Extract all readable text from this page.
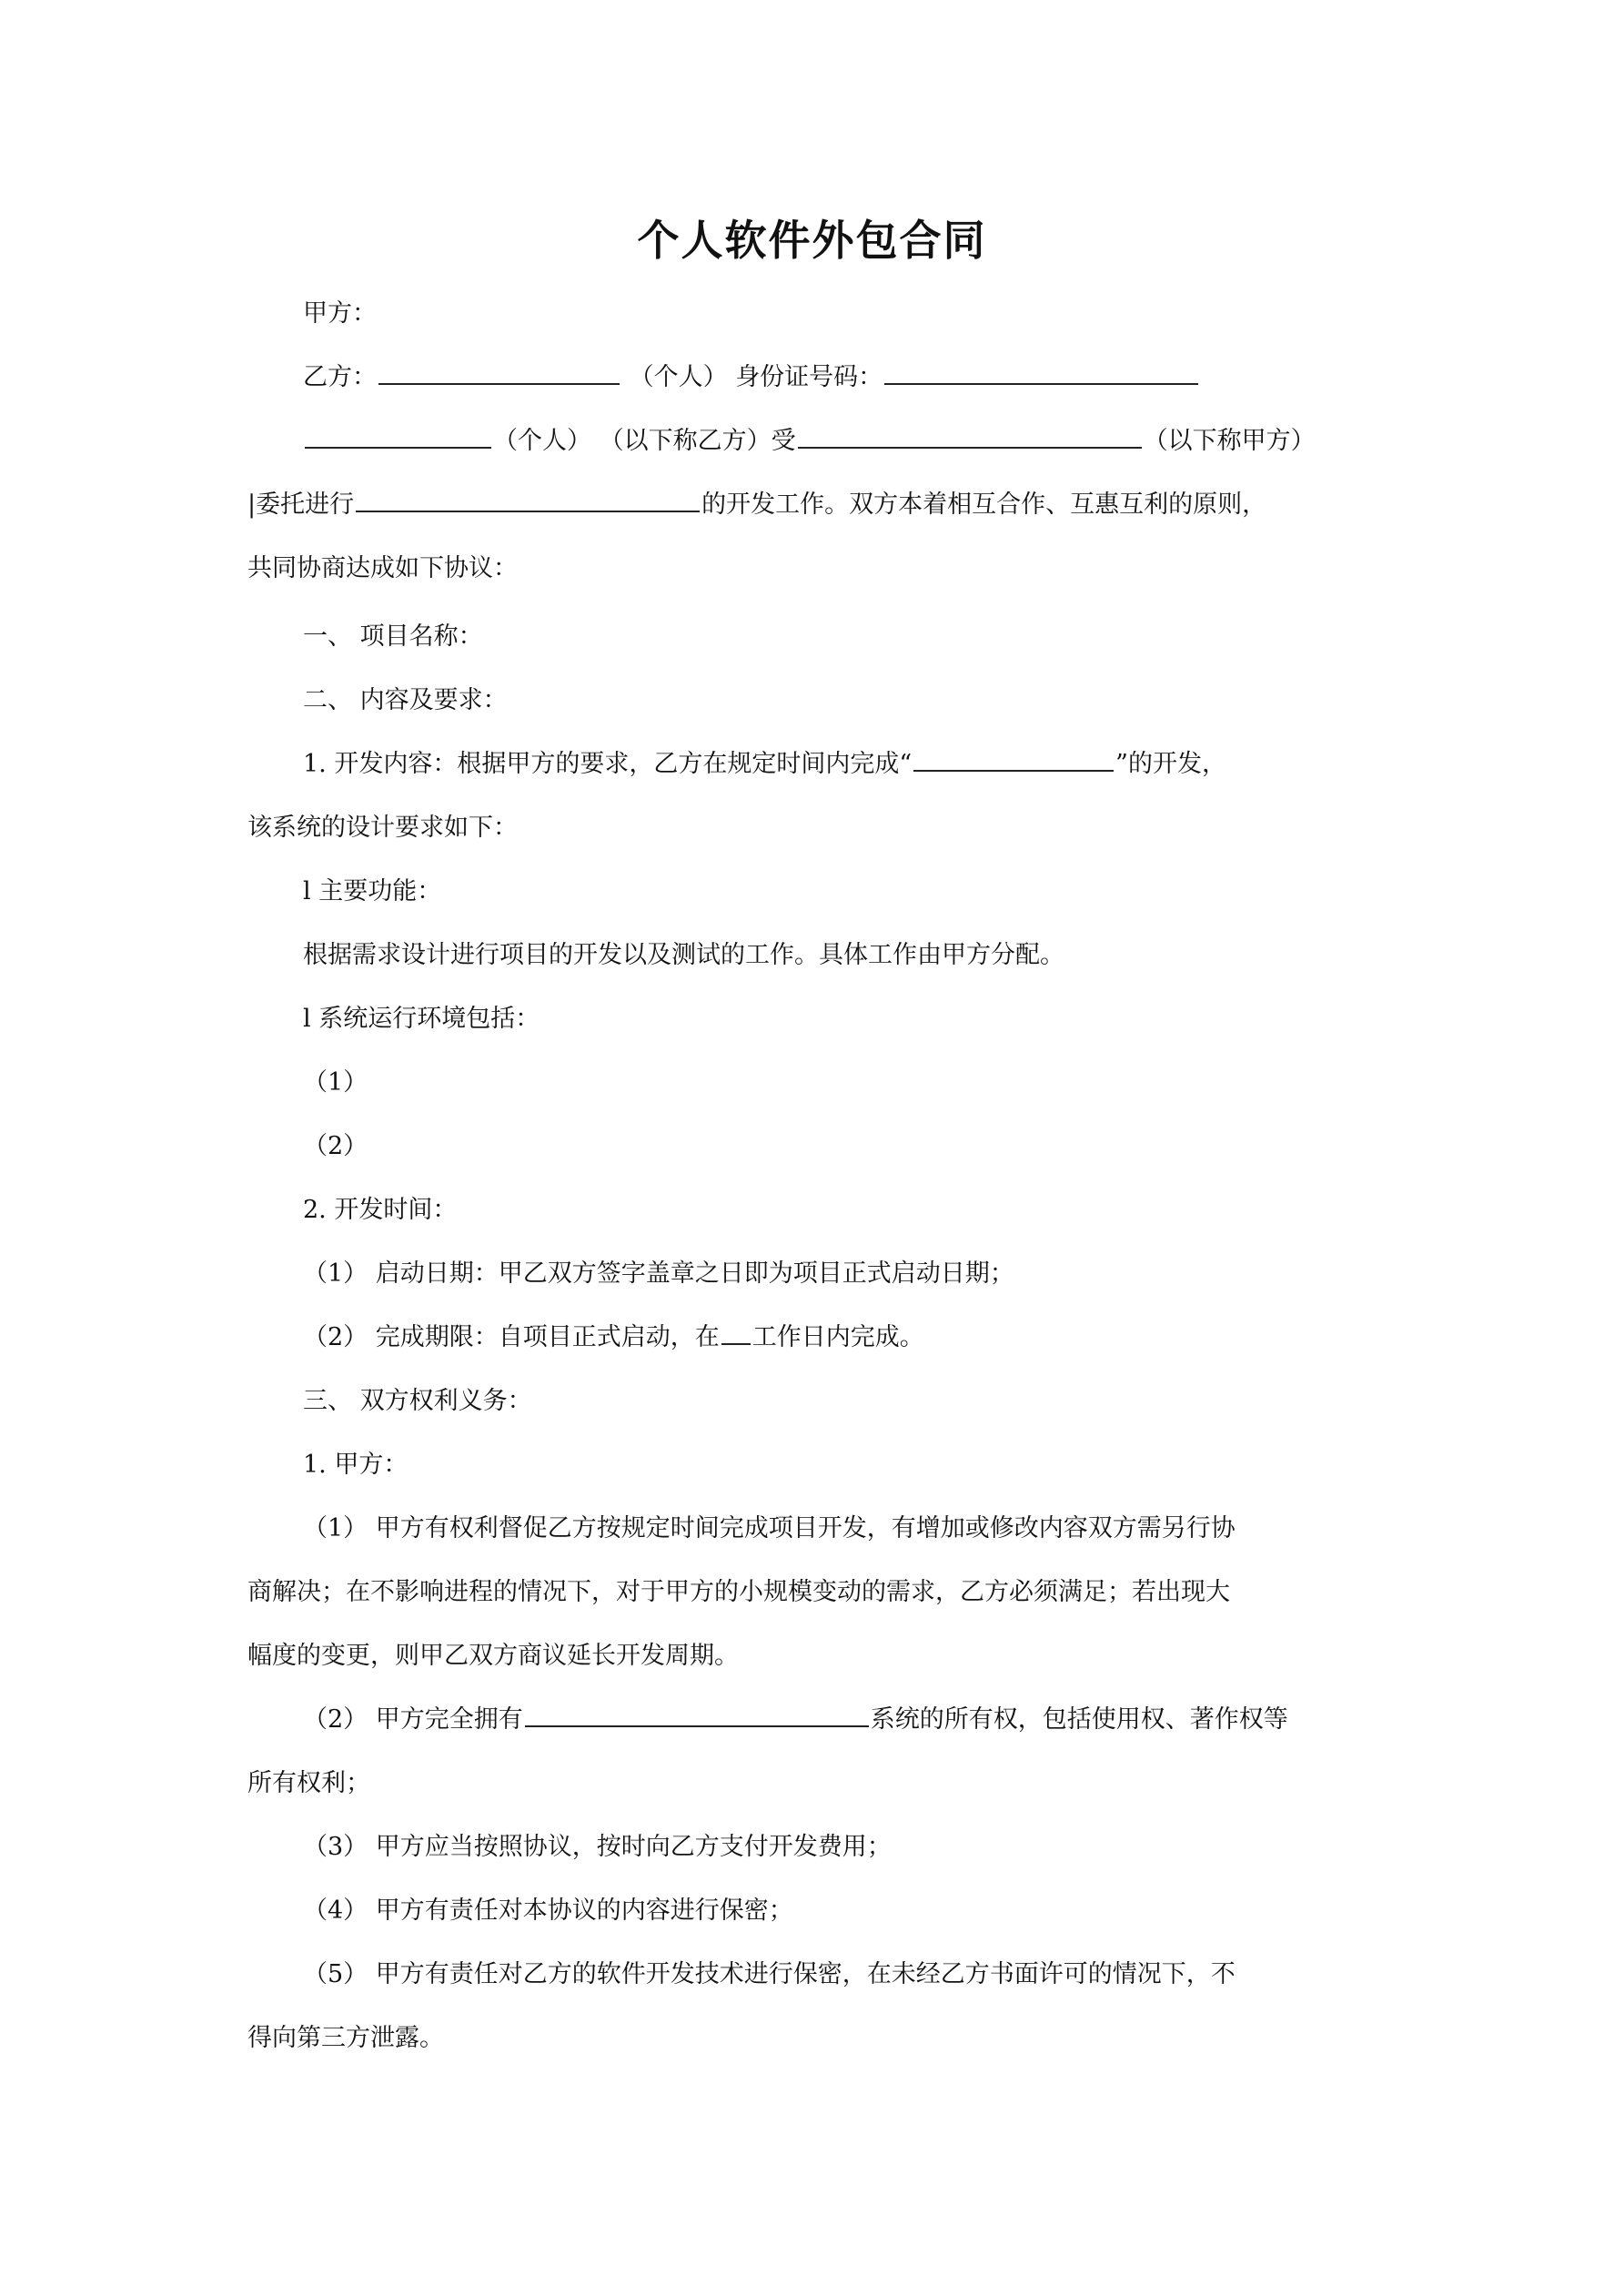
个人软件外包合同
甲方：
乙方：	（个人） 身份证号码：
（个人） （以下称乙方）受	（以下称甲方）
|委托进行	的开发工作。双方本着相互合作、互惠互利的原则，
共同协商达成如下协议：
一、 项目名称：
二、 内容及要求：
1. 开发内容：根据甲方的要求，乙方在规定时间内完成“	”的开发，
该系统的设计要求如下：
l 主要功能：
根据需求设计进行项目的开发以及测试的工作。具体工作由甲方分配。
l 系统运行环境包括：
（1）
（2）
2. 开发时间：
（1） 启动日期：甲乙双方签字盖章之日即为项目正式启动日期；
（2） 完成期限：自项目正式启动，在 工作日内完成。
三、 双方权利义务：
1. 甲方：
（1） 甲方有权利督促乙方按规定时间完成项目开发，有增加或修改内容双方需另行协
商解决；在不影响进程的情况下，对于甲方的小规模变动的需求，乙方必须满足；若出现大
幅度的变更，则甲乙双方商议延长开发周期。
（2） 甲方完全拥有	系统的所有权，包括使用权、著作权等
所有权利；
（3） 甲方应当按照协议，按时向乙方支付开发费用；
（4） 甲方有责任对本协议的内容进行保密；
（5） 甲方有责任对乙方的软件开发技术进行保密，在未经乙方书面许可的情况下，不
得向第三方泄露。
